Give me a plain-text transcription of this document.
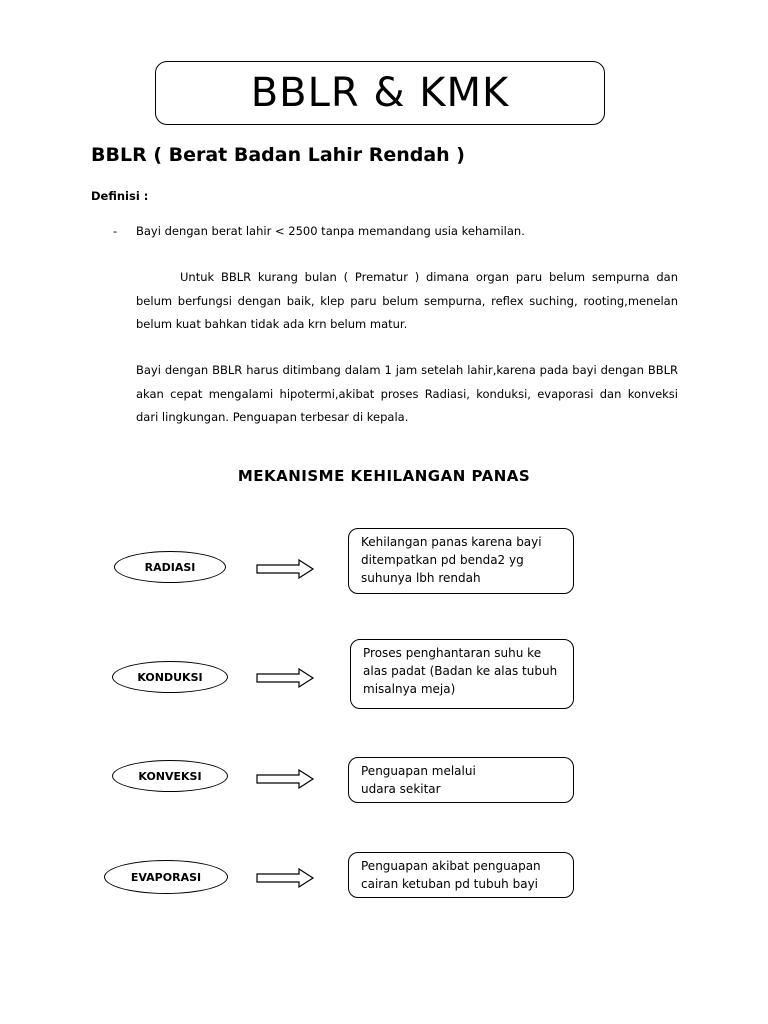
BBLR & KMK
BBLR ( Berat Badan Lahir Rendah )
Definisi :
- Bayi dengan berat lahir < 2500 tanpa memandang usia kehamilan.

Untuk BBLR kurang bulan ( Prematur ) dimana organ paru belum sempurna dan belum berfungsi dengan baik, klep paru belum sempurna, reflex suching, rooting,menelan belum kuat bahkan tidak ada krn belum matur.

Bayi dengan BBLR harus ditimbang dalam 1 jam setelah lahir,karena pada bayi dengan BBLR akan cepat mengalami hipotermi,akibat proses Radiasi, konduksi, evaporasi dan konveksi dari lingkungan. Penguapan terbesar di kepala.

MEKANISME KEHILANGAN PANAS
RADIASI
Kehilangan panas karena bayi ditempatkan pd benda2 yg suhunya lbh rendah
KONDUKSI
Proses penghantaran suhu ke alas padat (Badan ke alas tubuh misalnya meja)
KONVEKSI	Penguapan melalui udara sekitar
EVAPORASI
Penguapan akibat penguapan cairan ketuban pd tubuh bayi
